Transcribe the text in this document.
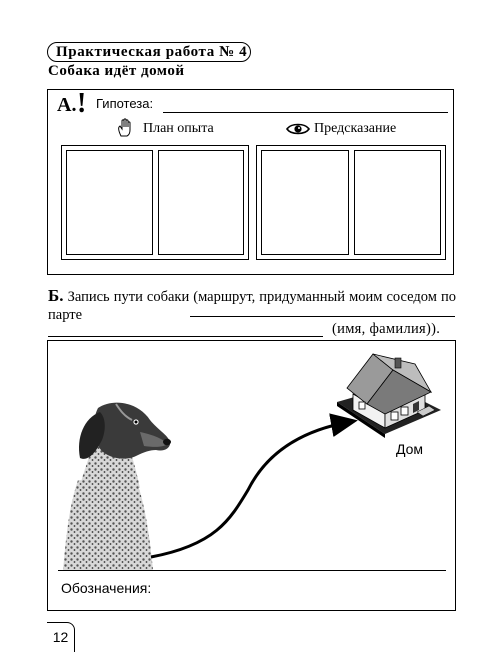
Практическая работа № 4
Собака идёт домой
А. ! Гипотеза:
План опыта	Предсказание
Б. Запись пути собаки (маршрут, придуманный моим соседом по парте
(имя, фамилия)).
Дом
Обозначения:
12
